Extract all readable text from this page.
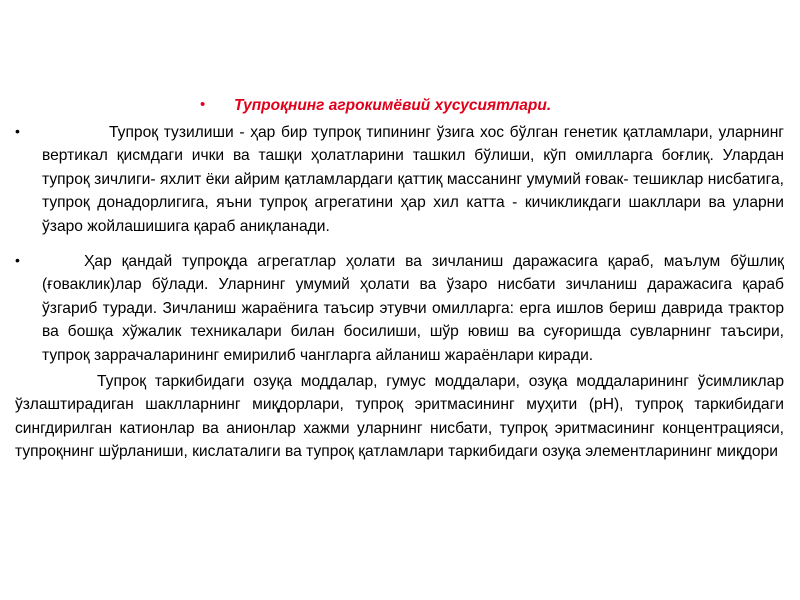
• Тупроқнинг агрокимёвий хусусиятлари.
•	Тупроқ тузилиши - ҳар бир тупроқ типининг ўзига хос бўлган генетик қатламлари, уларнинг вертикал қисмдаги ички ва ташқи ҳолатларини ташкил бўлиши, кўп омилларга боғлиқ. Улардан тупроқ зичлиги- яхлит ёки айрим қатламлардаги қаттиқ массанинг умумий ғовак- тешиклар нисбатига, тупроқ донадорлигига, яъни тупроқ агрегатини ҳар хил катта - кичикликдаги шакллари ва уларни ўзаро жойлашишига қараб аниқланади.
•	Ҳар қандай тупроқда агрегатлар ҳолати ва зичланиш даражасига қараб, маълум бўшлиқ (ғоваклик)лар бўлади. Уларнинг умумий ҳолати ва ўзаро нисбати зичланиш даражасига қараб ўзгариб туради. Зичланиш жараёнига таъсир этувчи омилларга: ерга ишлов бериш даврида трактор ва бошқа хўжалик техникалари билан босилиши, шўр ювиш ва суғоришда сувларнинг таъсири, тупроқ заррачаларининг емирилиб чангларга айланиш жараёнлари киради.
Тупроқ таркибидаги озуқа моддалар, гумус моддалари, озуқа моддаларининг ўсимликлар ўзлаштирадиган шаклларнинг миқдорлари, тупроқ эритмасининг муҳити (рН), тупроқ таркибидаги сингдирилган катионлар ва анионлар хажми уларнинг нисбати, тупроқ эритмасининг концентрацияси, тупроқнинг шўрланиши, кислаталиги ва тупроқ қатламлари таркибидаги озуқа элементларининг миқдори
